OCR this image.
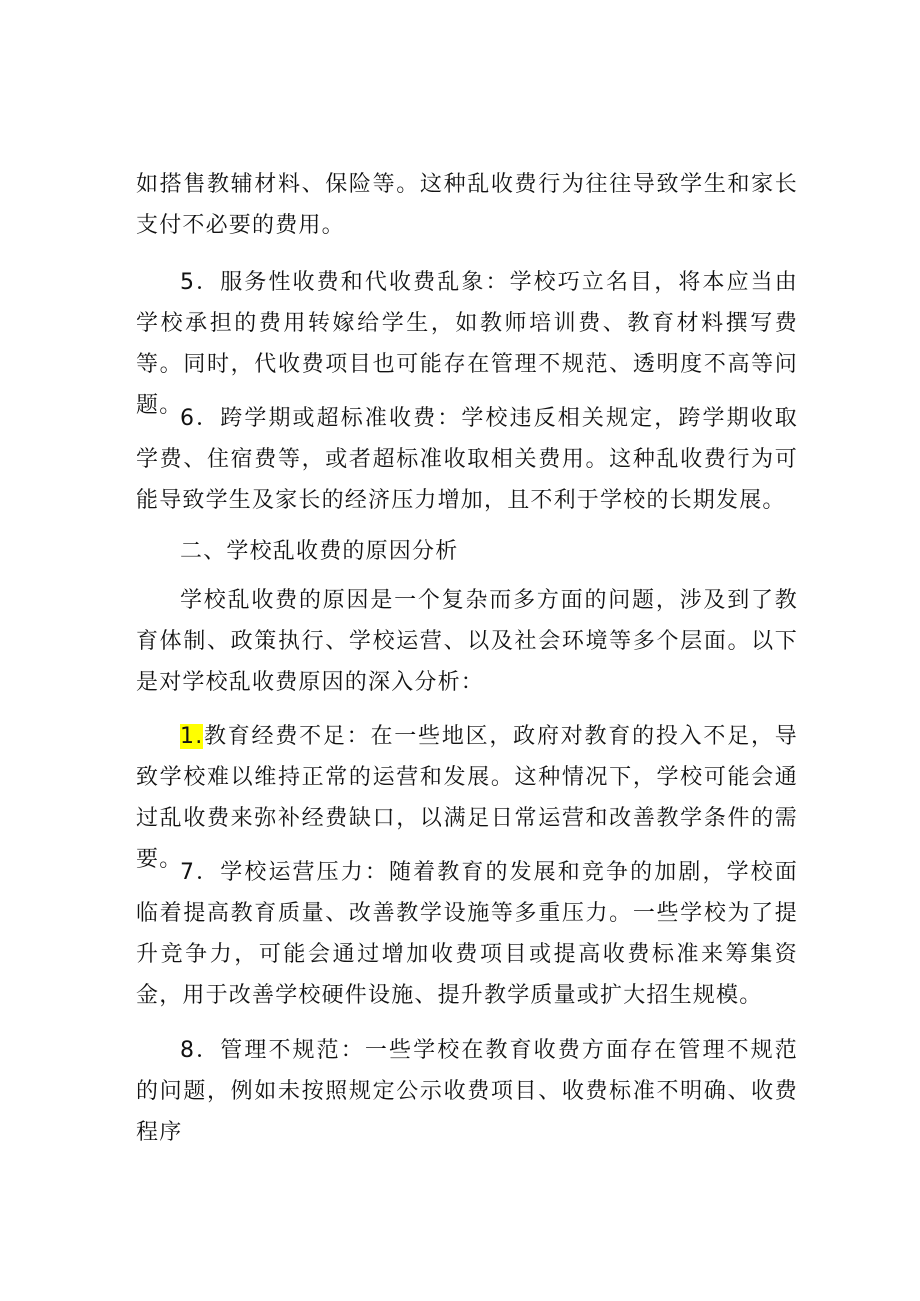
如搭售教辅材料、保险等。这种乱收费行为往往导致学生和家长支付不必要的费用。

5．服务性收费和代收费乱象：学校巧立名目，将本应当由学校承担的费用转嫁给学生，如教师培训费、教育材料撰写费等。同时，代收费项目也可能存在管理不规范、透明度不高等问题。

6．跨学期或超标准收费：学校违反相关规定，跨学期收取学费、住宿费等，或者超标准收取相关费用。这种乱收费行为可能导致学生及家长的经济压力增加，且不利于学校的长期发展。

二、学校乱收费的原因分析

学校乱收费的原因是一个复杂而多方面的问题，涉及到了教育体制、政策执行、学校运营、以及社会环境等多个层面。以下是对学校乱收费原因的深入分析：

1.教育经费不足：在一些地区，政府对教育的投入不足，导致学校难以维持正常的运营和发展。这种情况下，学校可能会通过乱收费来弥补经费缺口，以满足日常运营和改善教学条件的需要。

7．学校运营压力：随着教育的发展和竞争的加剧，学校面临着提高教育质量、改善教学设施等多重压力。一些学校为了提升竞争力，可能会通过增加收费项目或提高收费标准来筹集资金，用于改善学校硬件设施、提升教学质量或扩大招生规模。

8．管理不规范：一些学校在教育收费方面存在管理不规范的问题，例如未按照规定公示收费项目、收费标准不明确、收费程序
